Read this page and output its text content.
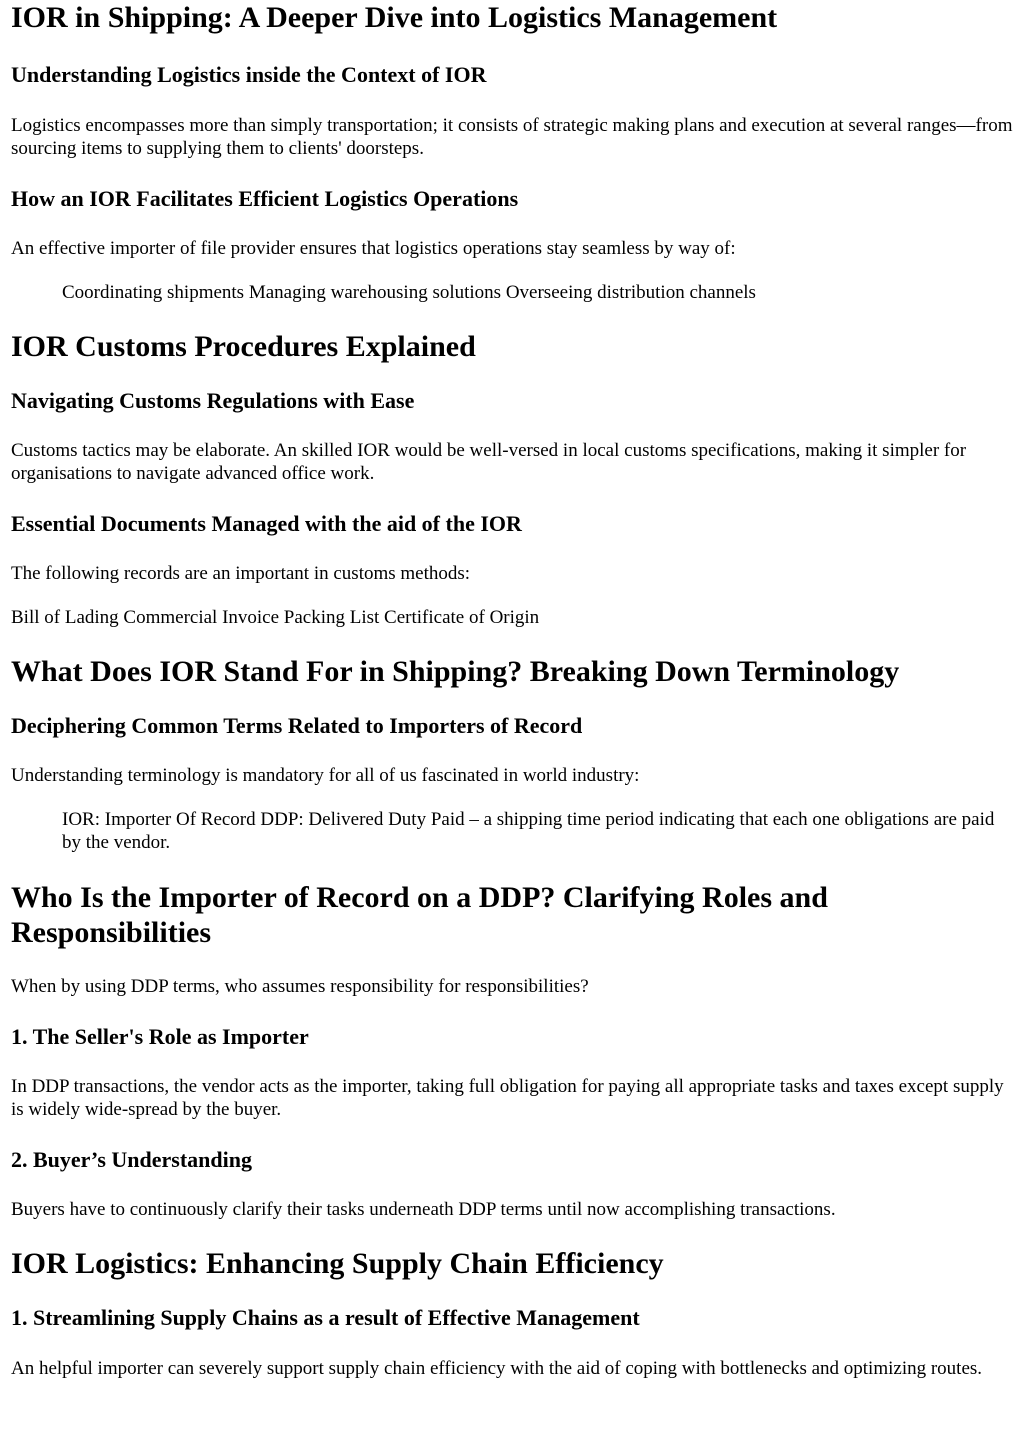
IOR in Shipping: A Deeper Dive into Logistics Management
Understanding Logistics inside the Context of IOR

Logistics encompasses more than simply transportation; it consists of strategic making plans and execution at several ranges—from sourcing items to supplying them to clients' doorsteps.

How an IOR Facilitates Efficient Logistics Operations

An effective importer of file provider ensures that logistics operations stay seamless by way of:

Coordinating shipments Managing warehousing solutions Overseeing distribution channels
IOR Customs Procedures Explained
Navigating Customs Regulations with Ease

Customs tactics may be elaborate. An skilled IOR would be well-versed in local customs specifications, making it simpler for organisations to navigate advanced office work.

Essential Documents Managed with the aid of the IOR

The following records are an important in customs methods:

Bill of Lading Commercial Invoice Packing List Certificate of Origin

What Does IOR Stand For in Shipping? Breaking Down Terminology
Deciphering Common Terms Related to Importers of Record

Understanding terminology is mandatory for all of us fascinated in world industry:

IOR: Importer Of Record DDP: Delivered Duty Paid – a shipping time period indicating that each one obligations are paid by the vendor.
Who Is the Importer of Record on a DDP? Clarifying Roles and Responsibilities

When by using DDP terms, who assumes responsibility for responsibilities?

1. The Seller's Role as Importer

In DDP transactions, the vendor acts as the importer, taking full obligation for paying all appropriate tasks and taxes except supply is widely wide-spread by the buyer.

2. Buyer’s Understanding

Buyers have to continuously clarify their tasks underneath DDP terms until now accomplishing transactions.

IOR Logistics: Enhancing Supply Chain Efficiency
1. Streamlining Supply Chains as a result of Effective Management

An helpful importer can severely support supply chain efficiency with the aid of coping with bottlenecks and optimizing routes.
